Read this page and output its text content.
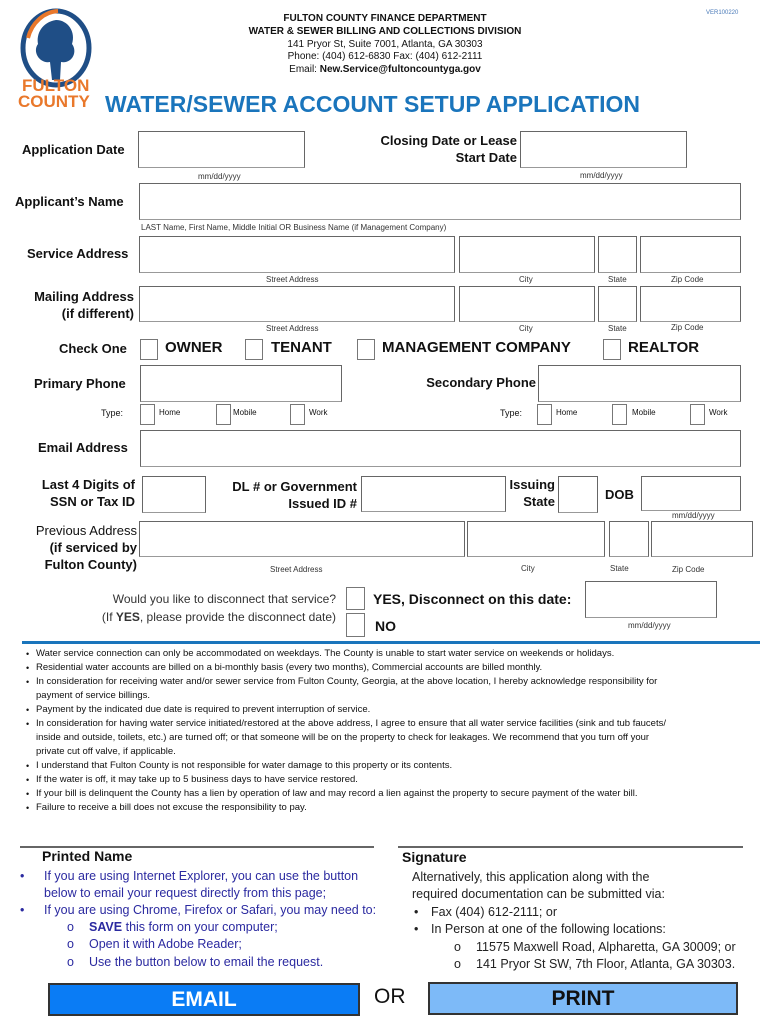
FULTON
COUNTY
VER100220
FULTON COUNTY FINANCE DEPARTMENT
WATER & SEWER BILLING AND COLLECTIONS DIVISION
141 Pryor St, Suite 7001, Atlanta, GA 30303
Phone: (404) 612-6830 Fax: (404) 612-2111
Email: New.Service@fultoncountyga.gov
WATER/SEWER ACCOUNT SETUP APPLICATION
Application Date
mm/dd/yyyy
Closing Date or Lease
Start Date
mm/dd/yyyy
Applicant’s Name
LAST Name, First Name, Middle Initial OR Business Name (if Management Company)
Service Address
Street Address	City	State	Zip Code
Mailing Address
(if different)
Street Address	City	State	Zip Code
Check One	OWNER	TENANT	MANAGEMENT COMPANY	REALTOR
Primary Phone	Secondary Phone
Type:	Home	Mobile	Work	Type:	Home	Mobile	Work
Email Address
Last 4 Digits of
SSN or Tax ID
DL # or Government
Issued ID #
Issuing
State	DOB
mm/dd/yyyy
Previous Address
(if serviced by
Fulton County)	Street Address	City	State	Zip Code
Would you like to disconnect that service?
(If YES, please provide the disconnect date)
YES, Disconnect on this date:
NO	mm/dd/yyyy
• Water service connection can only be accommodated on weekdays. The County is unable to start water service on weekends or holidays.
• Residential water accounts are billed on a bi-monthly basis (every two months), Commercial accounts are billed monthly.
• In consideration for receiving water and/or sewer service from Fulton County, Georgia, at the above location, I hereby acknowledge responsibility for
payment of service billings.
• Payment by the indicated due date is required to prevent interruption of service.
• In consideration for having water service initiated/restored at the above address, I agree to ensure that all water service facilities (sink and tub faucets/
inside and outside, toilets, etc.) are turned off; or that someone will be on the property to check for leakages. We recommend that you turn off your
private cut off valve, if applicable.
• I understand that Fulton County is not responsible for water damage to this property or its contents.
• If the water is off, it may take up to 5 business days to have service restored.
• If your bill is delinquent the County has a lien by operation of law and may record a lien against the property to secure payment of the water bill.
• Failure to receive a bill does not excuse the responsibility to pay.
Printed Name	Signature
• If you are using Internet Explorer, you can use the button
below to email your request directly from this page;
• If you are using Chrome, Firefox or Safari, you may need to:
o SAVE this form on your computer;
o Open it with Adobe Reader;
o Use the button below to email the request.
Alternatively, this application along with the
required documentation can be submitted via:
• Fax (404) 612-2111; or
• In Person at one of the following locations:
o 11575 Maxwell Road, Alpharetta, GA 30009; or
o 141 Pryor St SW, 7th Floor, Atlanta, GA 30303.
EMAIL	OR	PRINT
